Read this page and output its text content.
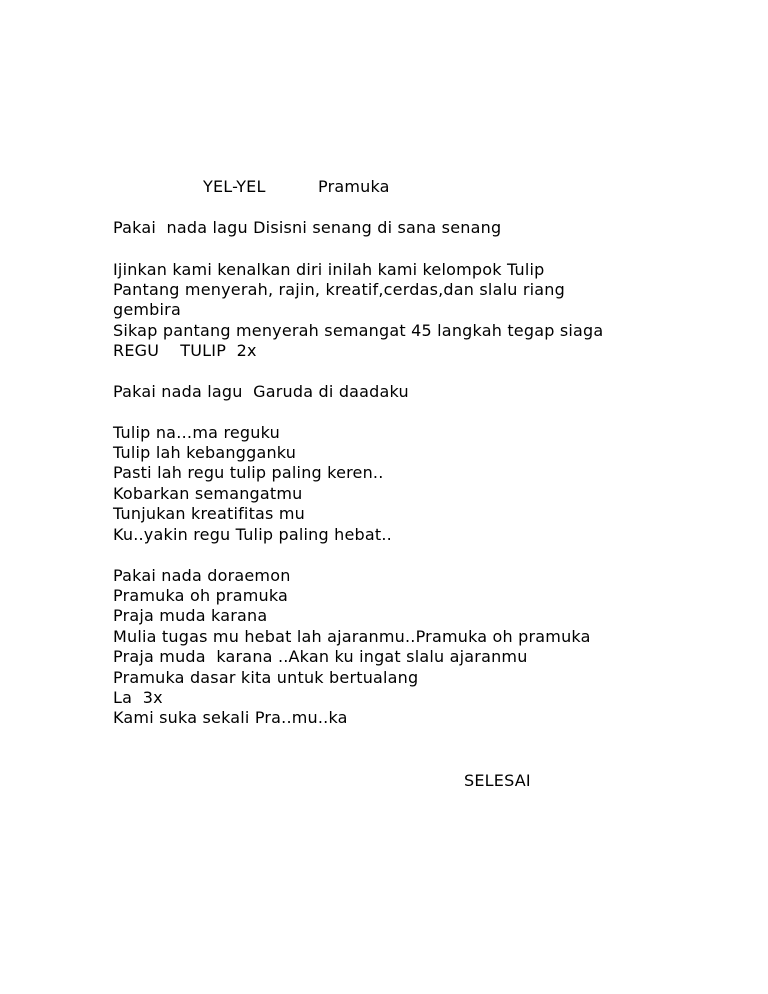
YEL-YEL	Pramuka
Pakai  nada lagu Disisni senang di sana senang
Ijinkan kami kenalkan diri inilah kami kelompok Tulip
Pantang menyerah, rajin, kreatif,cerdas,dan slalu riang
gembira
Sikap pantang menyerah semangat 45 langkah tegap siaga
REGU    TULIP  2x
Pakai nada lagu  Garuda di daadaku
Tulip na…ma reguku
Tulip lah kebangganku
Pasti lah regu tulip paling keren..
Kobarkan semangatmu
Tunjukan kreatifitas mu
Ku..yakin regu Tulip paling hebat..
Pakai nada doraemon
Pramuka oh pramuka
Praja muda karana
Mulia tugas mu hebat lah ajaranmu..Pramuka oh pramuka
Praja muda  karana ..Akan ku ingat slalu ajaranmu
Pramuka dasar kita untuk bertualang
La  3x
Kami suka sekali Pra..mu..ka
SELESAI
